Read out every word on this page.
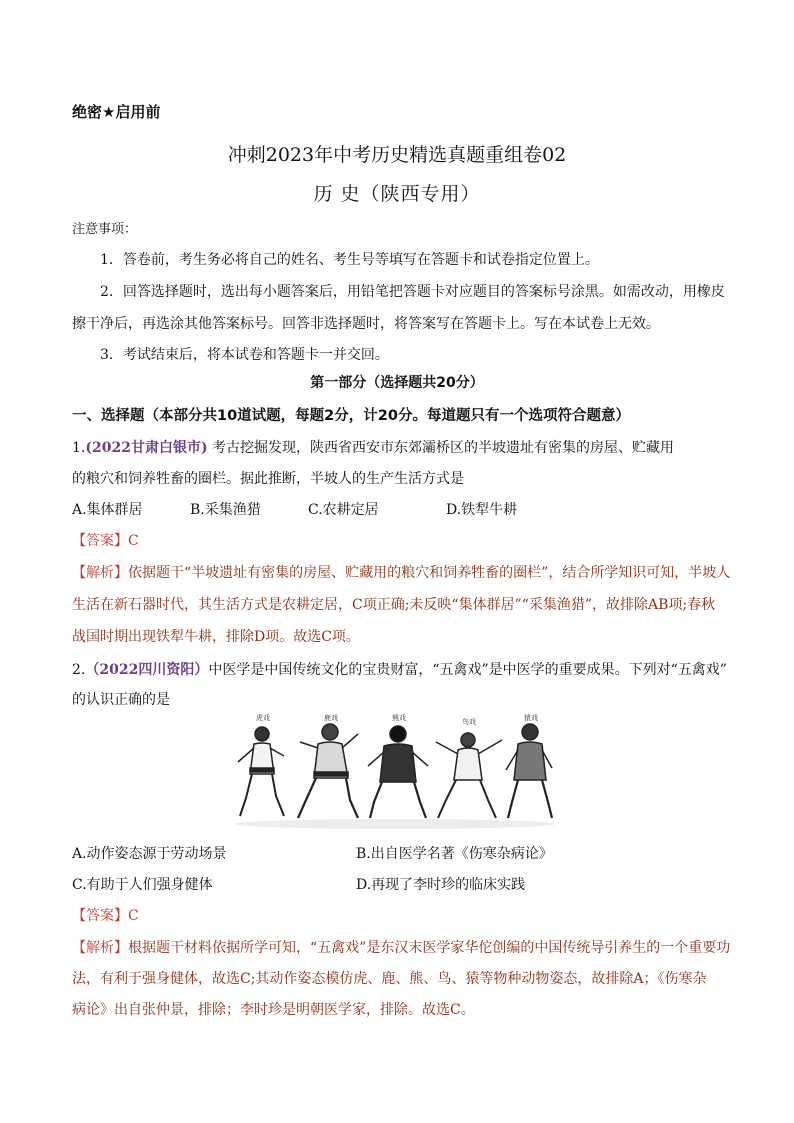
绝密★启用前
冲刺2023年中考历史精选真题重组卷02
历 史（陕西专用）
注意事项：
1．答卷前，考生务必将自己的姓名、考生号等填写在答题卡和试卷指定位置上。
2．回答选择题时，选出每小题答案后，用铅笔把答题卡对应题目的答案标号涂黑。如需改动，用橡皮
擦干净后，再选涂其他答案标号。回答非选择题时，将答案写在答题卡上。写在本试卷上无效。
3．考试结束后，将本试卷和答题卡一并交回。
第一部分（选择题共20分）
一、选择题（本部分共10道试题，每题2分，计20分。每道题只有一个选项符合题意）
1.(2022甘肃白银市) 考古挖掘发现，陕西省西安市东郊灞桥区的半坡遗址有密集的房屋、贮藏用
的粮穴和饲养牲畜的圈栏。据此推断，半坡人的生产生活方式是
A.集体群居	B.采集渔猎	C.农耕定居	D.铁犁牛耕
【答案】C
【解析】依据题干“半坡遗址有密集的房屋、贮藏用的粮穴和饲养牲畜的圈栏”，结合所学知识可知，半坡人
生活在新石器时代，其生活方式是农耕定居，C项正确;未反映“集体群居”“采集渔猎”，故排除AB项;春秋
战国时期出现铁犁牛耕，排除D项。故选C项。
2.（2022四川资阳）中医学是中国传统文化的宝贵财富，“五禽戏”是中医学的重要成果。下列对“五禽戏”
的认识正确的是
虎戏	鹿戏	熊戏	鸟戏	猿戏
A.动作姿态源于劳动场景	B.出自医学名著《伤寒杂病论》
C.有助于人们强身健体	D.再现了李时珍的临床实践
【答案】C
【解析】根据题干材料依据所学可知，“五禽戏”是东汉末医学家华佗创编的中国传统导引养生的一个重要功
法，有利于强身健体，故选C;其动作姿态模仿虎、鹿、熊、鸟、猿等物种动物姿态，故排除A；《伤寒杂
病论》出自张仲景，排除；李时珍是明朝医学家，排除。故选C。
